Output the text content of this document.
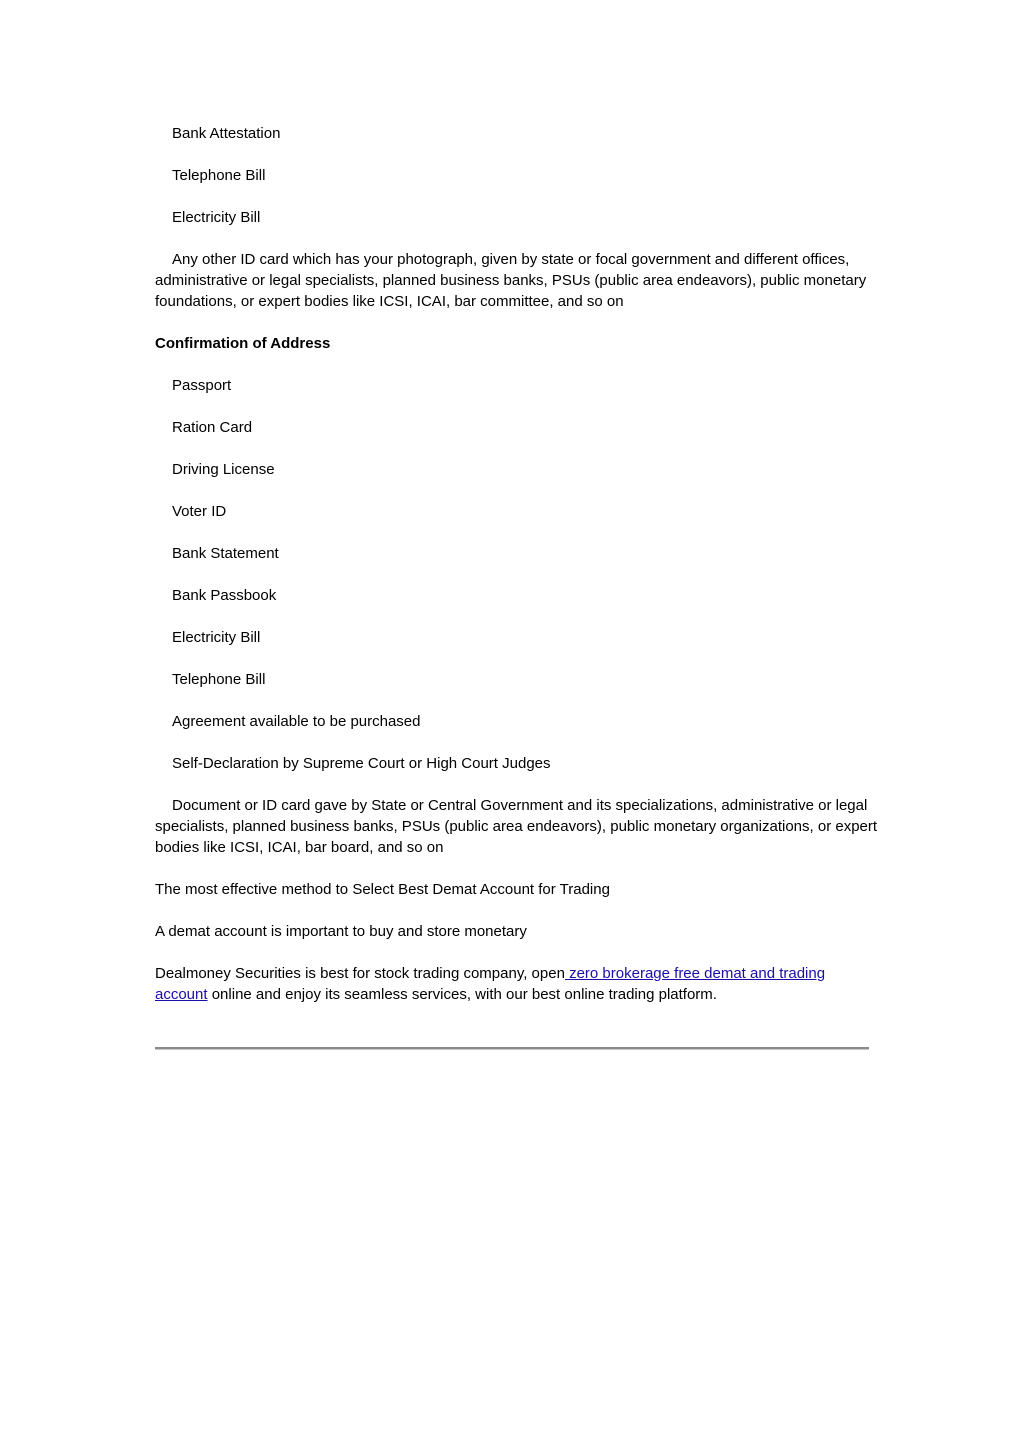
Bank Attestation

Telephone Bill

Electricity Bill

Any other ID card which has your photograph, given by state or focal government and different offices, administrative or legal specialists, planned business banks, PSUs (public area endeavors), public monetary foundations, or expert bodies like ICSI, ICAI, bar committee, and so on

Confirmation of Address

Passport

Ration Card

Driving License

Voter ID

Bank Statement

Bank Passbook

Electricity Bill

Telephone Bill

Agreement available to be purchased

Self-Declaration by Supreme Court or High Court Judges

Document or ID card gave by State or Central Government and its specializations, administrative or legal specialists, planned business banks, PSUs (public area endeavors), public monetary organizations, or expert bodies like ICSI, ICAI, bar board, and so on

The most effective method to Select Best Demat Account for Trading

A demat account is important to buy and store monetary

Dealmoney Securities is best for stock trading company, open zero brokerage free demat and trading account online and enjoy its seamless services, with our best online trading platform.
